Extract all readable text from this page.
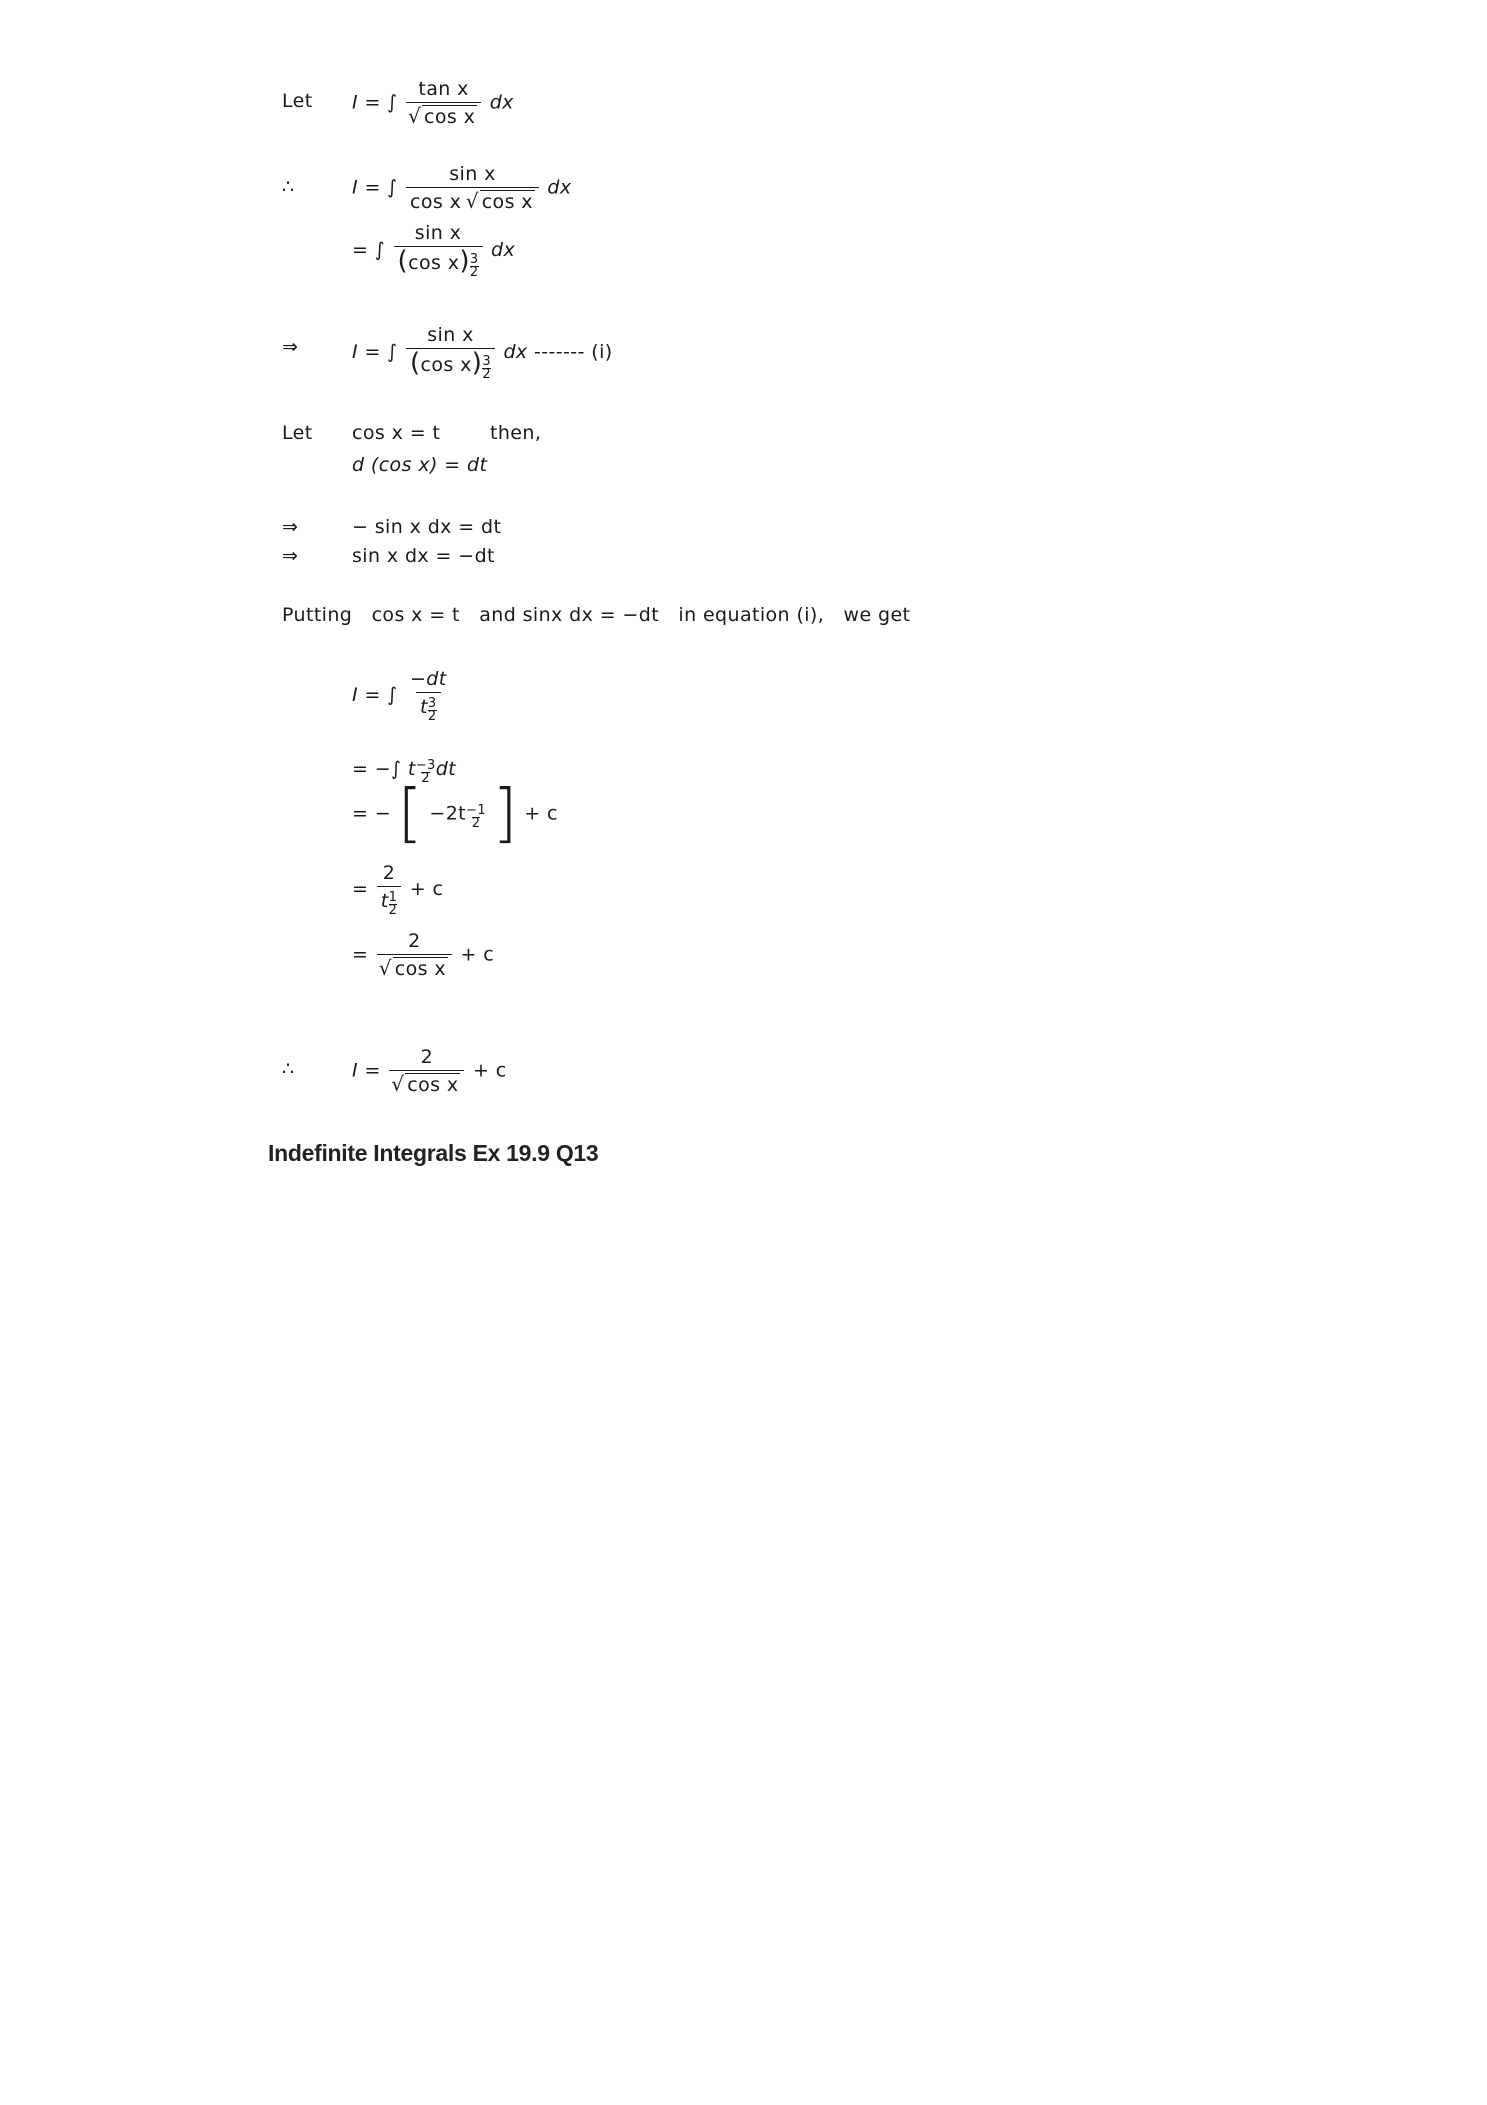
Let I = ∫ tan x
√ cos x dx
∴	I = ∫ $\frac{\text{sin x}}{\text{cos x √ cos x}}$ dx
= ∫ $\frac{\text{sin x}}{(\cos x) \frac{3}{2}}$ dx
⇒	I = ∫ $\frac{\text{sin x}}{(\cos x) \frac{3}{2}}$ dx ------- (i)
Let cos x = t	then,
d (cos x) = dt
⇒	− sin x dx = dt
⇒	sin x dx = −dt
Putting cos x = t and sinx dx = −dt in equation (i),   we get
I = ∫ $\frac{-dt}{t \frac{3}{2}}$
= −∫ t $\frac{-3}{2}$ dt
= − [ $-2t \frac{-1}{2}$ ] + c
= $\frac{2}{t \frac{1}{2}} + c$
= 2
√ cos x + c
∴	I = 2
√ cos x + c
Indefinite Integrals Ex 19.9 Q13
